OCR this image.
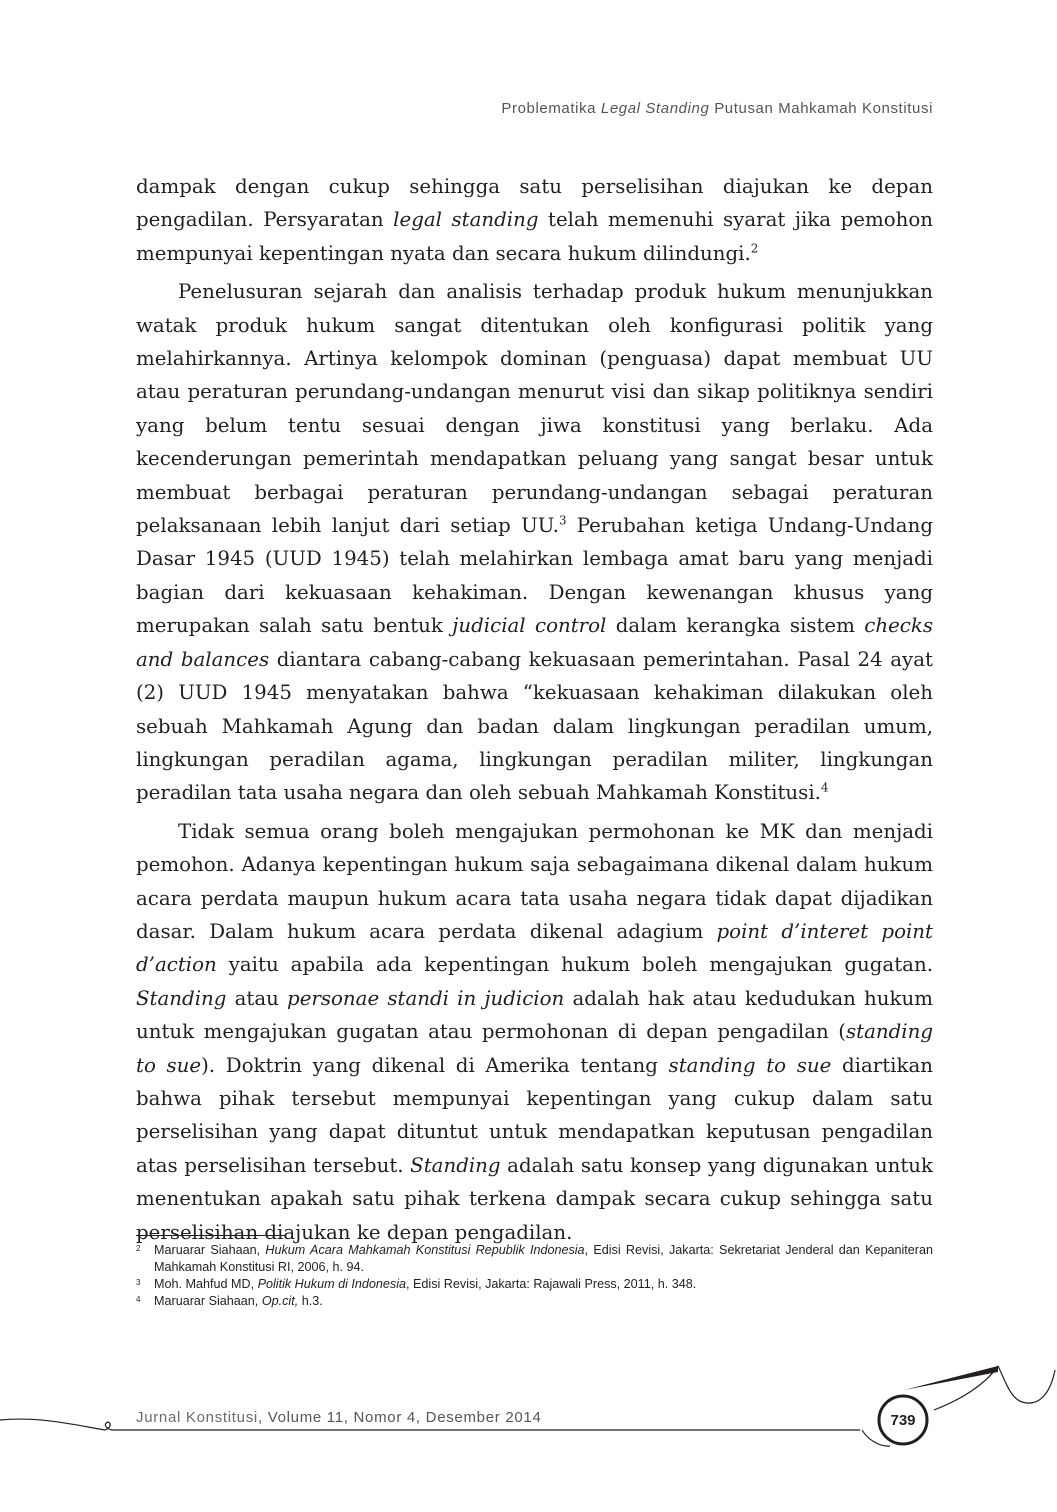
Problematika Legal Standing Putusan Mahkamah Konstitusi

dampak dengan cukup sehingga satu perselisihan diajukan ke depan pengadilan. Persyaratan legal standing telah memenuhi syarat jika pemohon mempunyai kepentingan nyata dan secara hukum dilindungi.$^2$

Penelusuran sejarah dan analisis terhadap produk hukum menunjukkan watak produk hukum sangat ditentukan oleh konfigurasi politik yang melahirkannya. Artinya kelompok dominan (penguasa) dapat membuat UU atau peraturan perundang-undangan menurut visi dan sikap politiknya sendiri yang belum tentu sesuai dengan jiwa konstitusi yang berlaku. Ada kecenderungan pemerintah mendapatkan peluang yang sangat besar untuk membuat berbagai peraturan perundang-undangan sebagai peraturan pelaksanaan lebih lanjut dari setiap UU.$^3$ Perubahan ketiga Undang-Undang Dasar 1945 (UUD 1945) telah melahirkan lembaga amat baru yang menjadi bagian dari kekuasaan kehakiman. Dengan kewenangan khusus yang merupakan salah satu bentuk judicial control dalam kerangka sistem checks and balances diantara cabang-cabang kekuasaan pemerintahan. Pasal 24 ayat (2) UUD 1945 menyatakan bahwa “kekuasaan kehakiman dilakukan oleh sebuah Mahkamah Agung dan badan dalam lingkungan peradilan umum, lingkungan peradilan agama, lingkungan peradilan militer, lingkungan peradilan tata usaha negara dan oleh sebuah Mahkamah Konstitusi.$^4$

Tidak semua orang boleh mengajukan permohonan ke MK dan menjadi pemohon. Adanya kepentingan hukum saja sebagaimana dikenal dalam hukum acara perdata maupun hukum acara tata usaha negara tidak dapat dijadikan dasar. Dalam hukum acara perdata dikenal adagium point d’interet point d’action yaitu apabila ada kepentingan hukum boleh mengajukan gugatan. Standing atau personae standi in judicion adalah hak atau kedudukan hukum untuk mengajukan gugatan atau permohonan di depan pengadilan (standing to sue). Doktrin yang dikenal di Amerika tentang standing to sue diartikan bahwa pihak tersebut mempunyai kepentingan yang cukup dalam satu perselisihan yang dapat dituntut untuk mendapatkan keputusan pengadilan atas perselisihan tersebut. Standing adalah satu konsep yang digunakan untuk menentukan apakah satu pihak terkena dampak secara cukup sehingga satu perselisihan diajukan ke depan pengadilan.

2 Maruarar Siahaan, Hukum Acara Mahkamah Konstitusi Republik Indonesia, Edisi Revisi, Jakarta: Sekretariat Jenderal dan Kepaniteran Mahkamah Konstitusi RI, 2006, h. 94.
3 Moh. Mahfud MD, Politik Hukum di Indonesia, Edisi Revisi, Jakarta: Rajawali Press, 2011, h. 348.
4 Maruarar Siahaan, Op.cit, h.3.
Jurnal Konstitusi, Volume 11, Nomor 4, Desember 2014	739
